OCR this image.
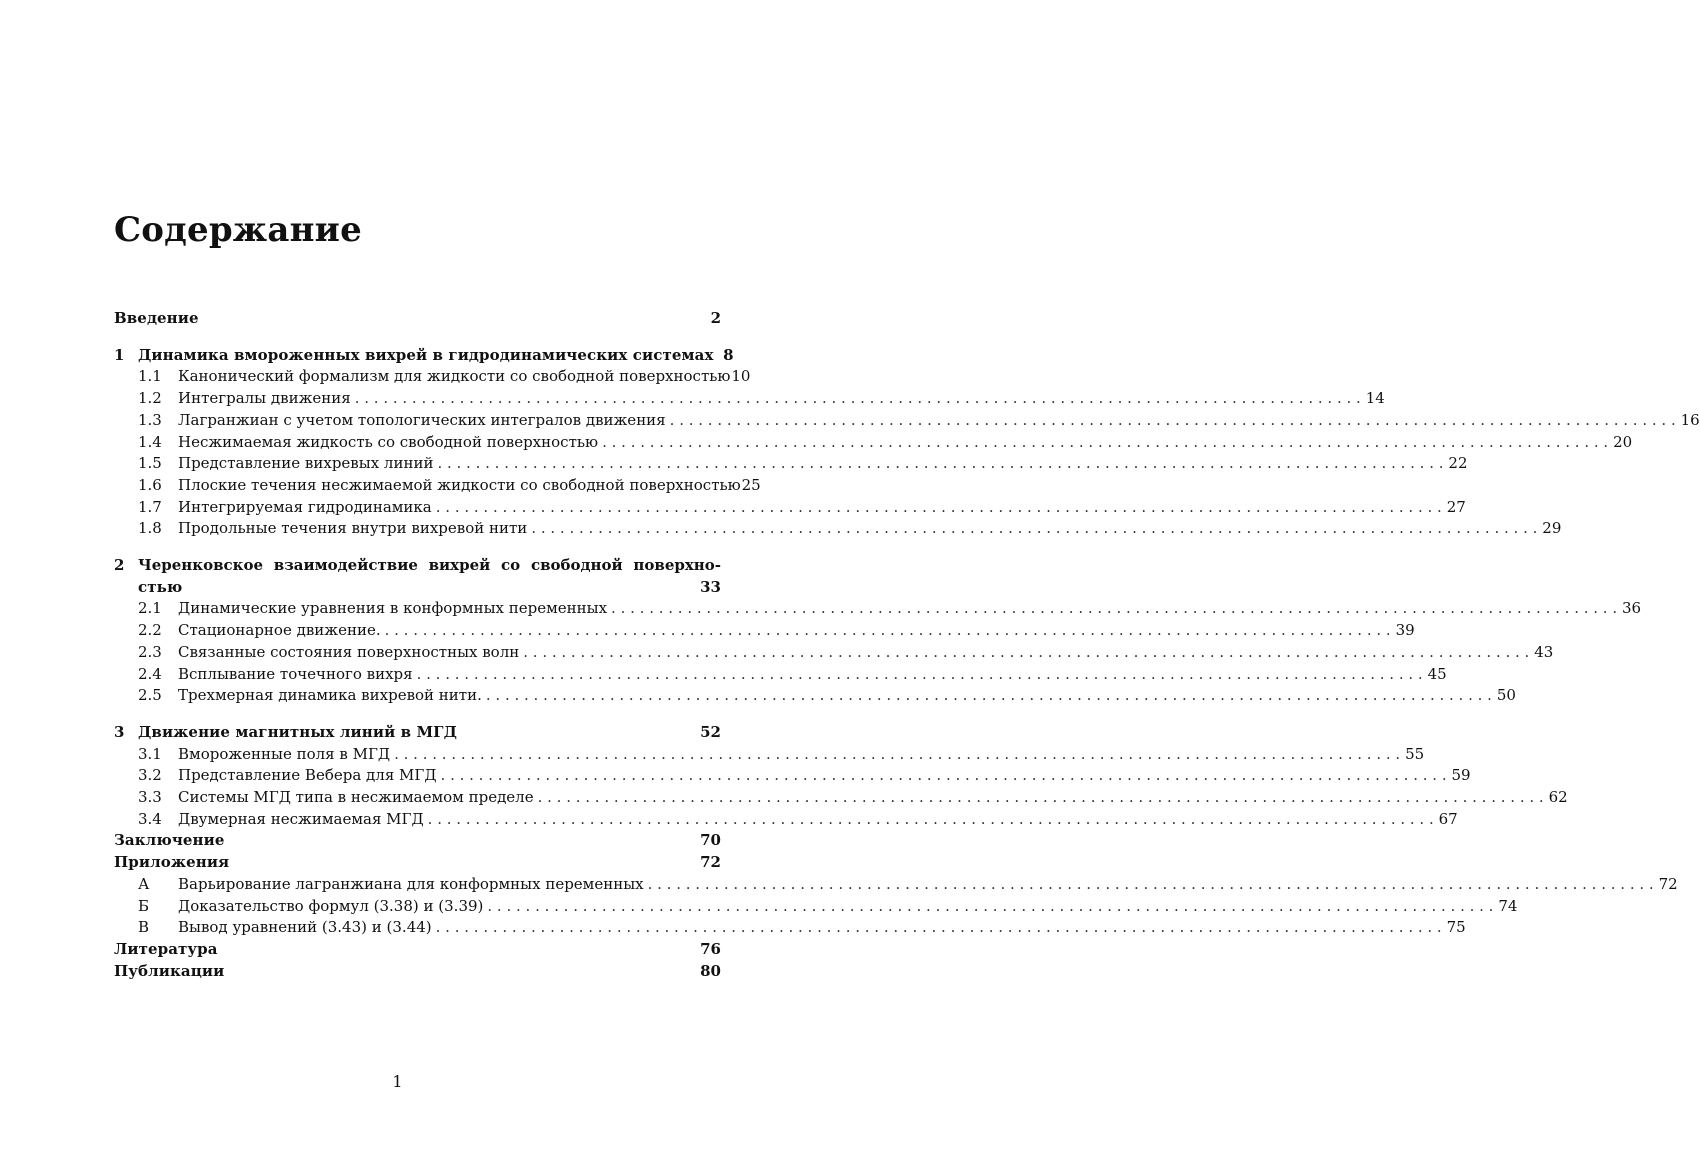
Содержание
Введение	2
1 Динамика вмороженных вихрей в гидродинамических системах 8
1.1	Канонический формализм для жидкости со свободной поверхностью 10
1.2	Интегралы движения . . .	14
1.3	Лагранжиан с учетом топологических интегралов движения . . .	16
1.4	Несжимаемая жидкость со свободной поверхностью . . .	20
1.5	Представление вихревых линий . . .	22
1.6	Плоские течения несжимаемой жидкости со свободной поверхностью 25
1.7	Интегрируемая гидродинамика . . .	27
1.8	Продольные течения внутри вихревой нити . . .	29
2 Черенковское взаимодействие вихрей со свободной поверхно-
стью	33
2.1	Динамические уравнения в конформных переменных . . .	36
2.2	Стационарное движение. . . .	39
2.3	Связанные состояния поверхностных волн . . .	43
2.4	Всплывание точечного вихря . . .	45
2.5	Трехмерная динамика вихревой нити. . . .	50
3 Движение магнитных линий в МГД	52
3.1	Вмороженные поля в МГД . . .	55
3.2	Представление Вебера для МГД . . .	59
3.3	Системы МГД типа в несжимаемом пределе . . .	62
3.4	Двумерная несжимаемая МГД . . .	67
Заключение	70
Приложения	72
А	Варьирование лагранжиана для конформных переменных . . .	72
Б	Доказательство формул (3.38) и (3.39) . . .	74
В	Вывод уравнений (3.43) и (3.44) . . .	75
Литература	76
Публикации	80
1
